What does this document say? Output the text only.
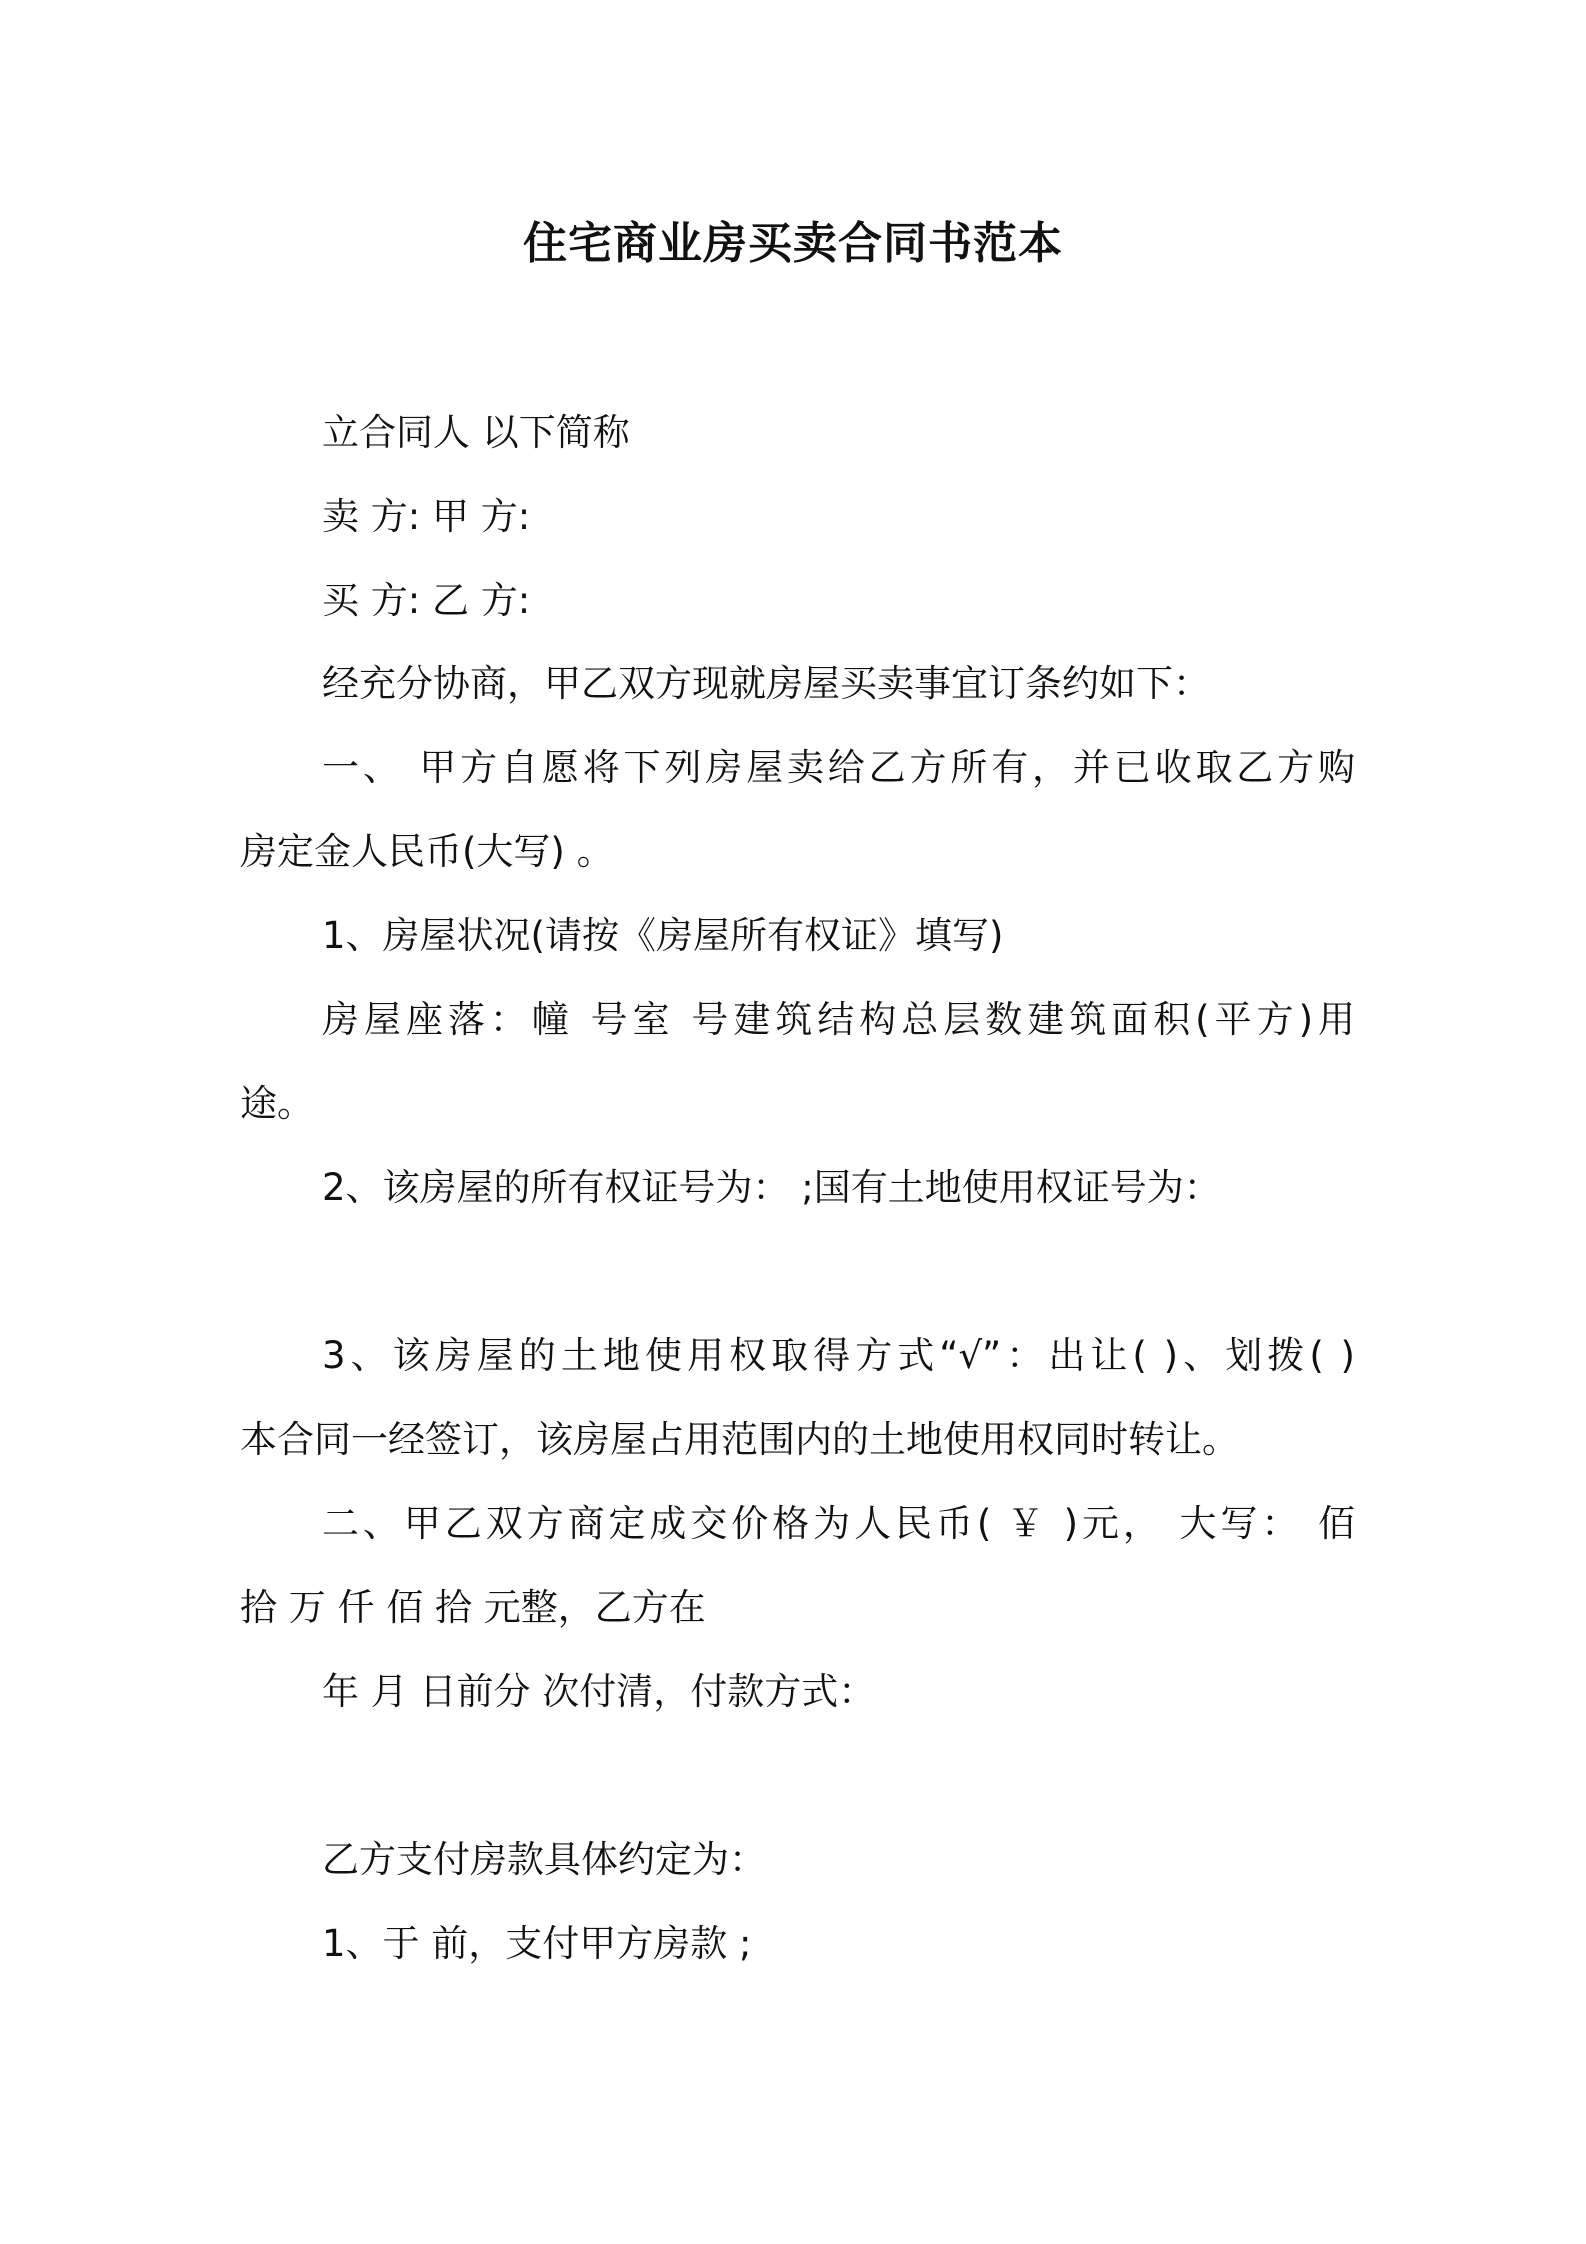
住宅商业房买卖合同书范本
立合同人 以下简称
卖 方: 甲 方:
买 方: 乙 方:
经充分协商，甲乙双方现就房屋买卖事宜订条约如下：
一、 甲方自愿将下列房屋卖给乙方所有，并已收取乙方购
房定金人民币(大写) 。
1、房屋状况(请按《房屋所有权证》填写)
房屋座落：幢 号室 号建筑结构总层数建筑面积(平方)用
途。
2、该房屋的所有权证号为： ;国有土地使用权证号为：
3、该房屋的土地使用权取得方式“√”：出让( )、划拨( )
本合同一经签订，该房屋占用范围内的土地使用权同时转让。
二、甲乙双方商定成交价格为人民币( ￥ )元， 大写： 佰
拾 万 仟 佰 拾 元整，乙方在
年 月 日前分 次付清，付款方式：
乙方支付房款具体约定为：
1、于 前，支付甲方房款 ;
